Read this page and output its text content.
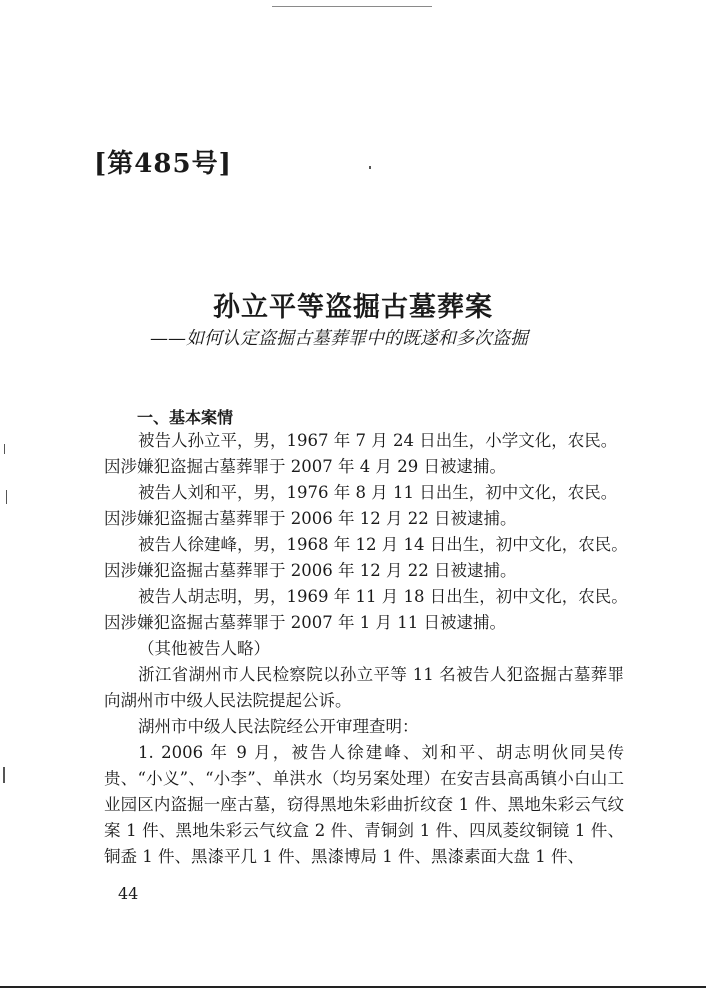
[第485号]
孙立平等盗掘古墓葬案
——如何认定盗掘古墓葬罪中的既遂和多次盗掘
一、基本案情

被告人孙立平，男，1967 年 7 月 24 日出生，小学文化，农民。

因涉嫌犯盗掘古墓葬罪于 2007 年 4 月 29 日被逮捕。

被告人刘和平，男，1976 年 8 月 11 日出生，初中文化，农民。

因涉嫌犯盗掘古墓葬罪于 2006 年 12 月 22 日被逮捕。

被告人徐建峰，男，1968 年 12 月 14 日出生，初中文化，农民。

因涉嫌犯盗掘古墓葬罪于 2006 年 12 月 22 日被逮捕。

被告人胡志明，男，1969 年 11 月 18 日出生，初中文化，农民。

因涉嫌犯盗掘古墓葬罪于 2007 年 1 月 11 日被逮捕。

（其他被告人略）

浙江省湖州市人民检察院以孙立平等 11 名被告人犯盗掘古墓葬罪向湖州市中级人民法院提起公诉。

湖州市中级人民法院经公开审理查明：

1. 2006 年 9 月，被告人徐建峰、刘和平、胡志明伙同吴传贵、“小义”、“小李”、单洪水（均另案处理）在安吉县高禹镇小白山工业园区内盗掘一座古墓，窃得黑地朱彩曲折纹奁 1 件、黑地朱彩云气纹案 1 件、黑地朱彩云气纹盒 2 件、青铜剑 1 件、四凤菱纹铜镜 1 件、铜盉 1 件、黑漆平几 1 件、黑漆博局 1 件、黑漆素面大盘 1 件、

44
